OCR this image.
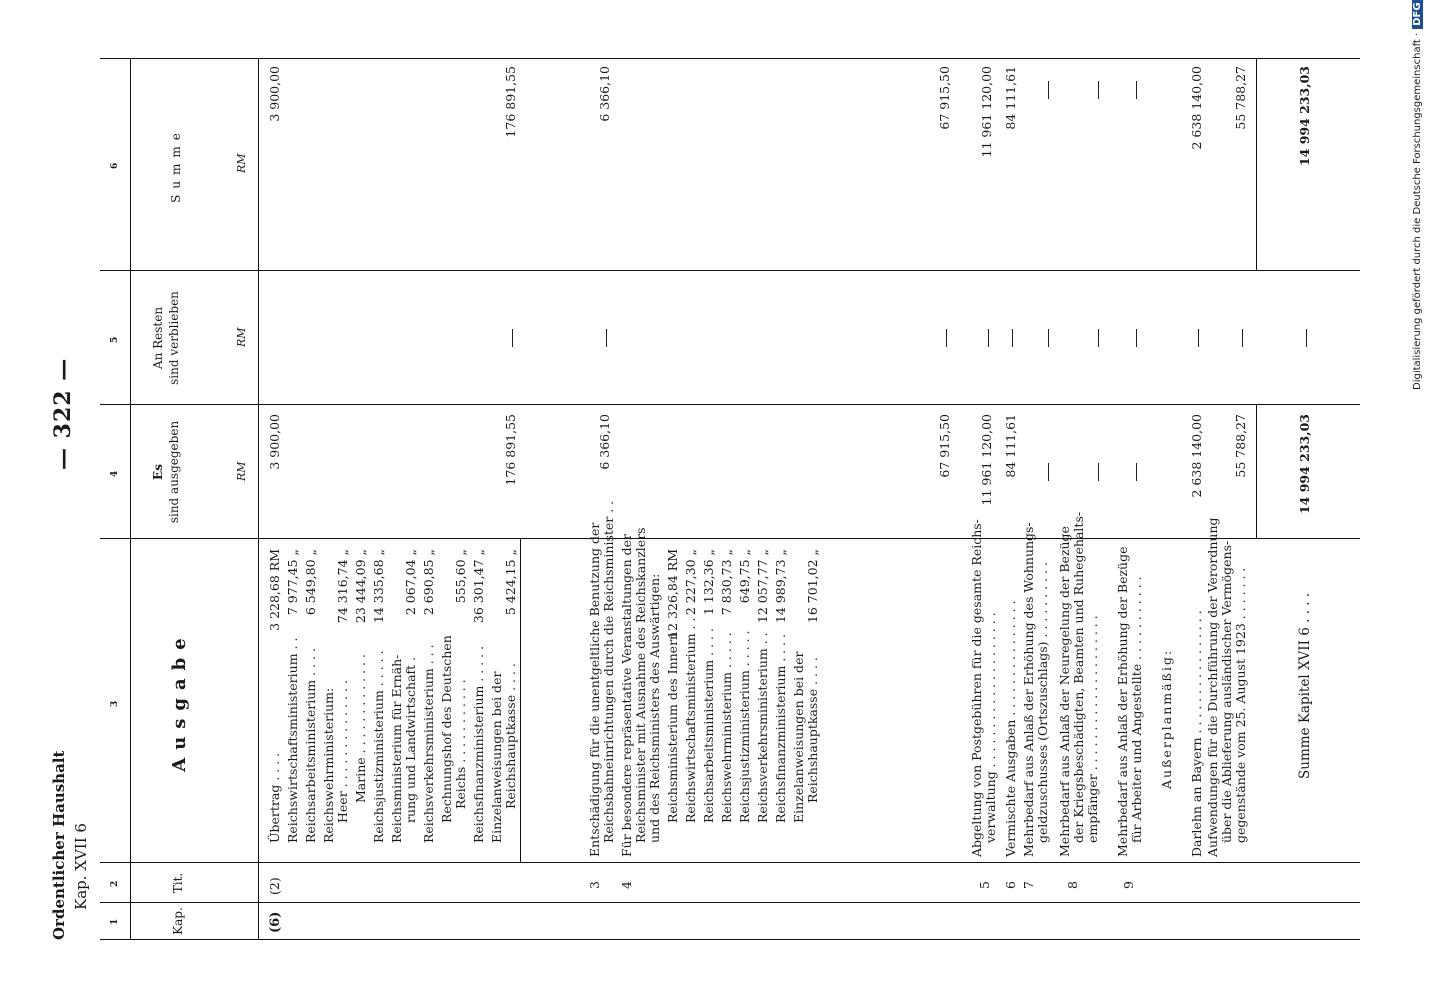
Ordentlicher Haushalt Kap. XVII 6
— 322 —
1
2
3
4
5
6
Kap.
Tit.
Ausgabe
Es sind ausgegeben
An Resten sind verblieben
Summe
RM
RM
RM
(6)
(2)
Übertrag . . . .
3 228,68 RM
3 900,00
3 900,00
Reichswirtschaftsministerium . .
7 977,45 „
Reichsarbeitsministerium . . . .
6 549,80 „
Reichswehrministerium: Heer . . . . . . . . . . . . . .
74 316,74 „
Marine . . . . . . . . . . . . .
23 444,09 „
Reichsjustizministerium . . . . .
14 335,68 „
Reichsministerium für Ernäh- rung und Landwirtschaft .
2 067,04 „
Reichsverkehrsministerium . . .
2 690,85 „
Rechnungshof des Deutschen Reichs . . . . . . . . . . .
555,60 „
Reichsfinanzministerium . . . . .
36 301,47 „
Einzelanweisungen bei der Reichshauptkasse . . . .
5 424,15 „
176 891,55
176 891,55
3
Entschädigung für die unentgeltliche Benutzung der Reichsbahneinrichtungen durch die Reichsminister . .
6 366,10
6 366,10
4
Für besondere repräsentative Veranstaltungen der Reichsminister mit Ausnahme des Reichskanzlers und des Reichsministers des Auswärtigen: Reichsministerium des Innern
12 326,84 RM
Reichswirtschaftsministerium . .
2 227,30 „
Reichsarbeitsministerium . . . .
1 132,36 „
Reichswehrministerium . . . . .
7 830,73 „
Reichsjustizministerium . . . . .
649,75 „
Reichsverkehrsministerium . .
12 057,77 „
Reichsfinanzministerium . . . .
14 989,73 „
Einzelanweisungen bei der Reichshauptkasse . . . .
16 701,02 „
67 915,50
67 915,50
5
Abgeltung von Postgebühren für die gesamte Reichs- verwaltung . . . . . . . . . . . . . . . . . . . .
11 961 120,00
11 961 120,00
6
Vermischte Ausgaben . . . . . . . . . . . . . . .
84 111,61
84 111,61
7
Mehrbedarf aus Anlaß der Erhöhung des Wohnungs- geldzuschusses (Ortszuschlags) . . . . . . . . . .
8
Mehrbedarf aus Anlaß der Neuregelung der Bezüge der Kriegsbeschädigten, Beamten und Ruhegehalts- empfänger . . . . . . . . . . . . . . . . . . . .
9
Mehrbedarf aus Anlaß der Erhöhung der Bezüge für Arbeiter und Angestellte . . . . . . . . . . . Außerplanmäßig: Darlehn an Bayern . . . . . . . . . . . . . . . .
2 638 140,00
2 638 140,00
Aufwendungen für die Durchführung der Verordnung über die Ablieferung ausländischer Vermögens- gegenstände vom 25. August 1923 . . . . . . .
55 788,27
55 788,27
Summe Kapitel XVII 6 . . . .
14 994 233,03
14 994 233,03	Digitalisierung gefördert durch die Deutsche Forschungsgemeinschaft ·DFG
